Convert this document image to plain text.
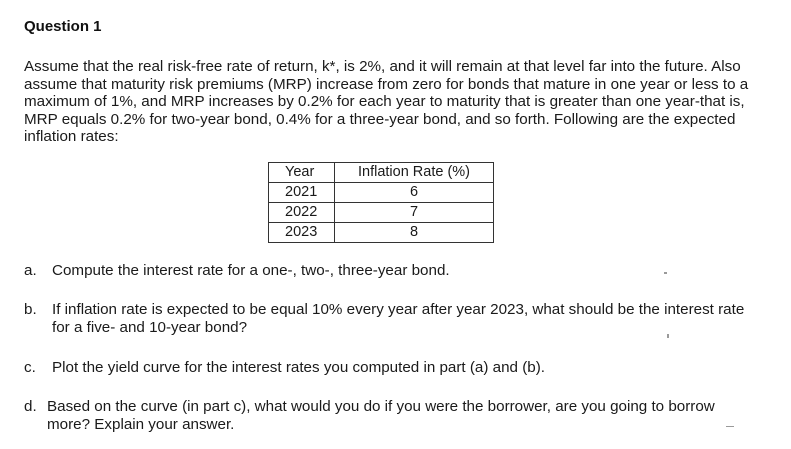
Question 1

Assume that the real risk-free rate of return, k*, is 2%, and it will remain at that level far into the future. Also assume that maturity risk premiums (MRP) increase from zero for bonds that mature in one year or less to a maximum of 1%, and MRP increases by 0.2% for each year to maturity that is greater than one year-that is, MRP equals 0.2% for two-year bond, 0.4% for a three-year bond, and so forth. Following are the expected inflation rates:

Year	Inflation Rate (%)
2021	6
2022	7
2023	8
a.	Compute the interest rate for a one-, two-, three-year bond.
b.	If inflation rate is expected to be equal 10% every year after year 2023, what should be the interest rate for a five- and 10-year bond?
c.	Plot the yield curve for the interest rates you computed in part (a) and (b).
d. Based on the curve (in part c), what would you do if you were the borrower, are you going to borrow more? Explain your answer.
